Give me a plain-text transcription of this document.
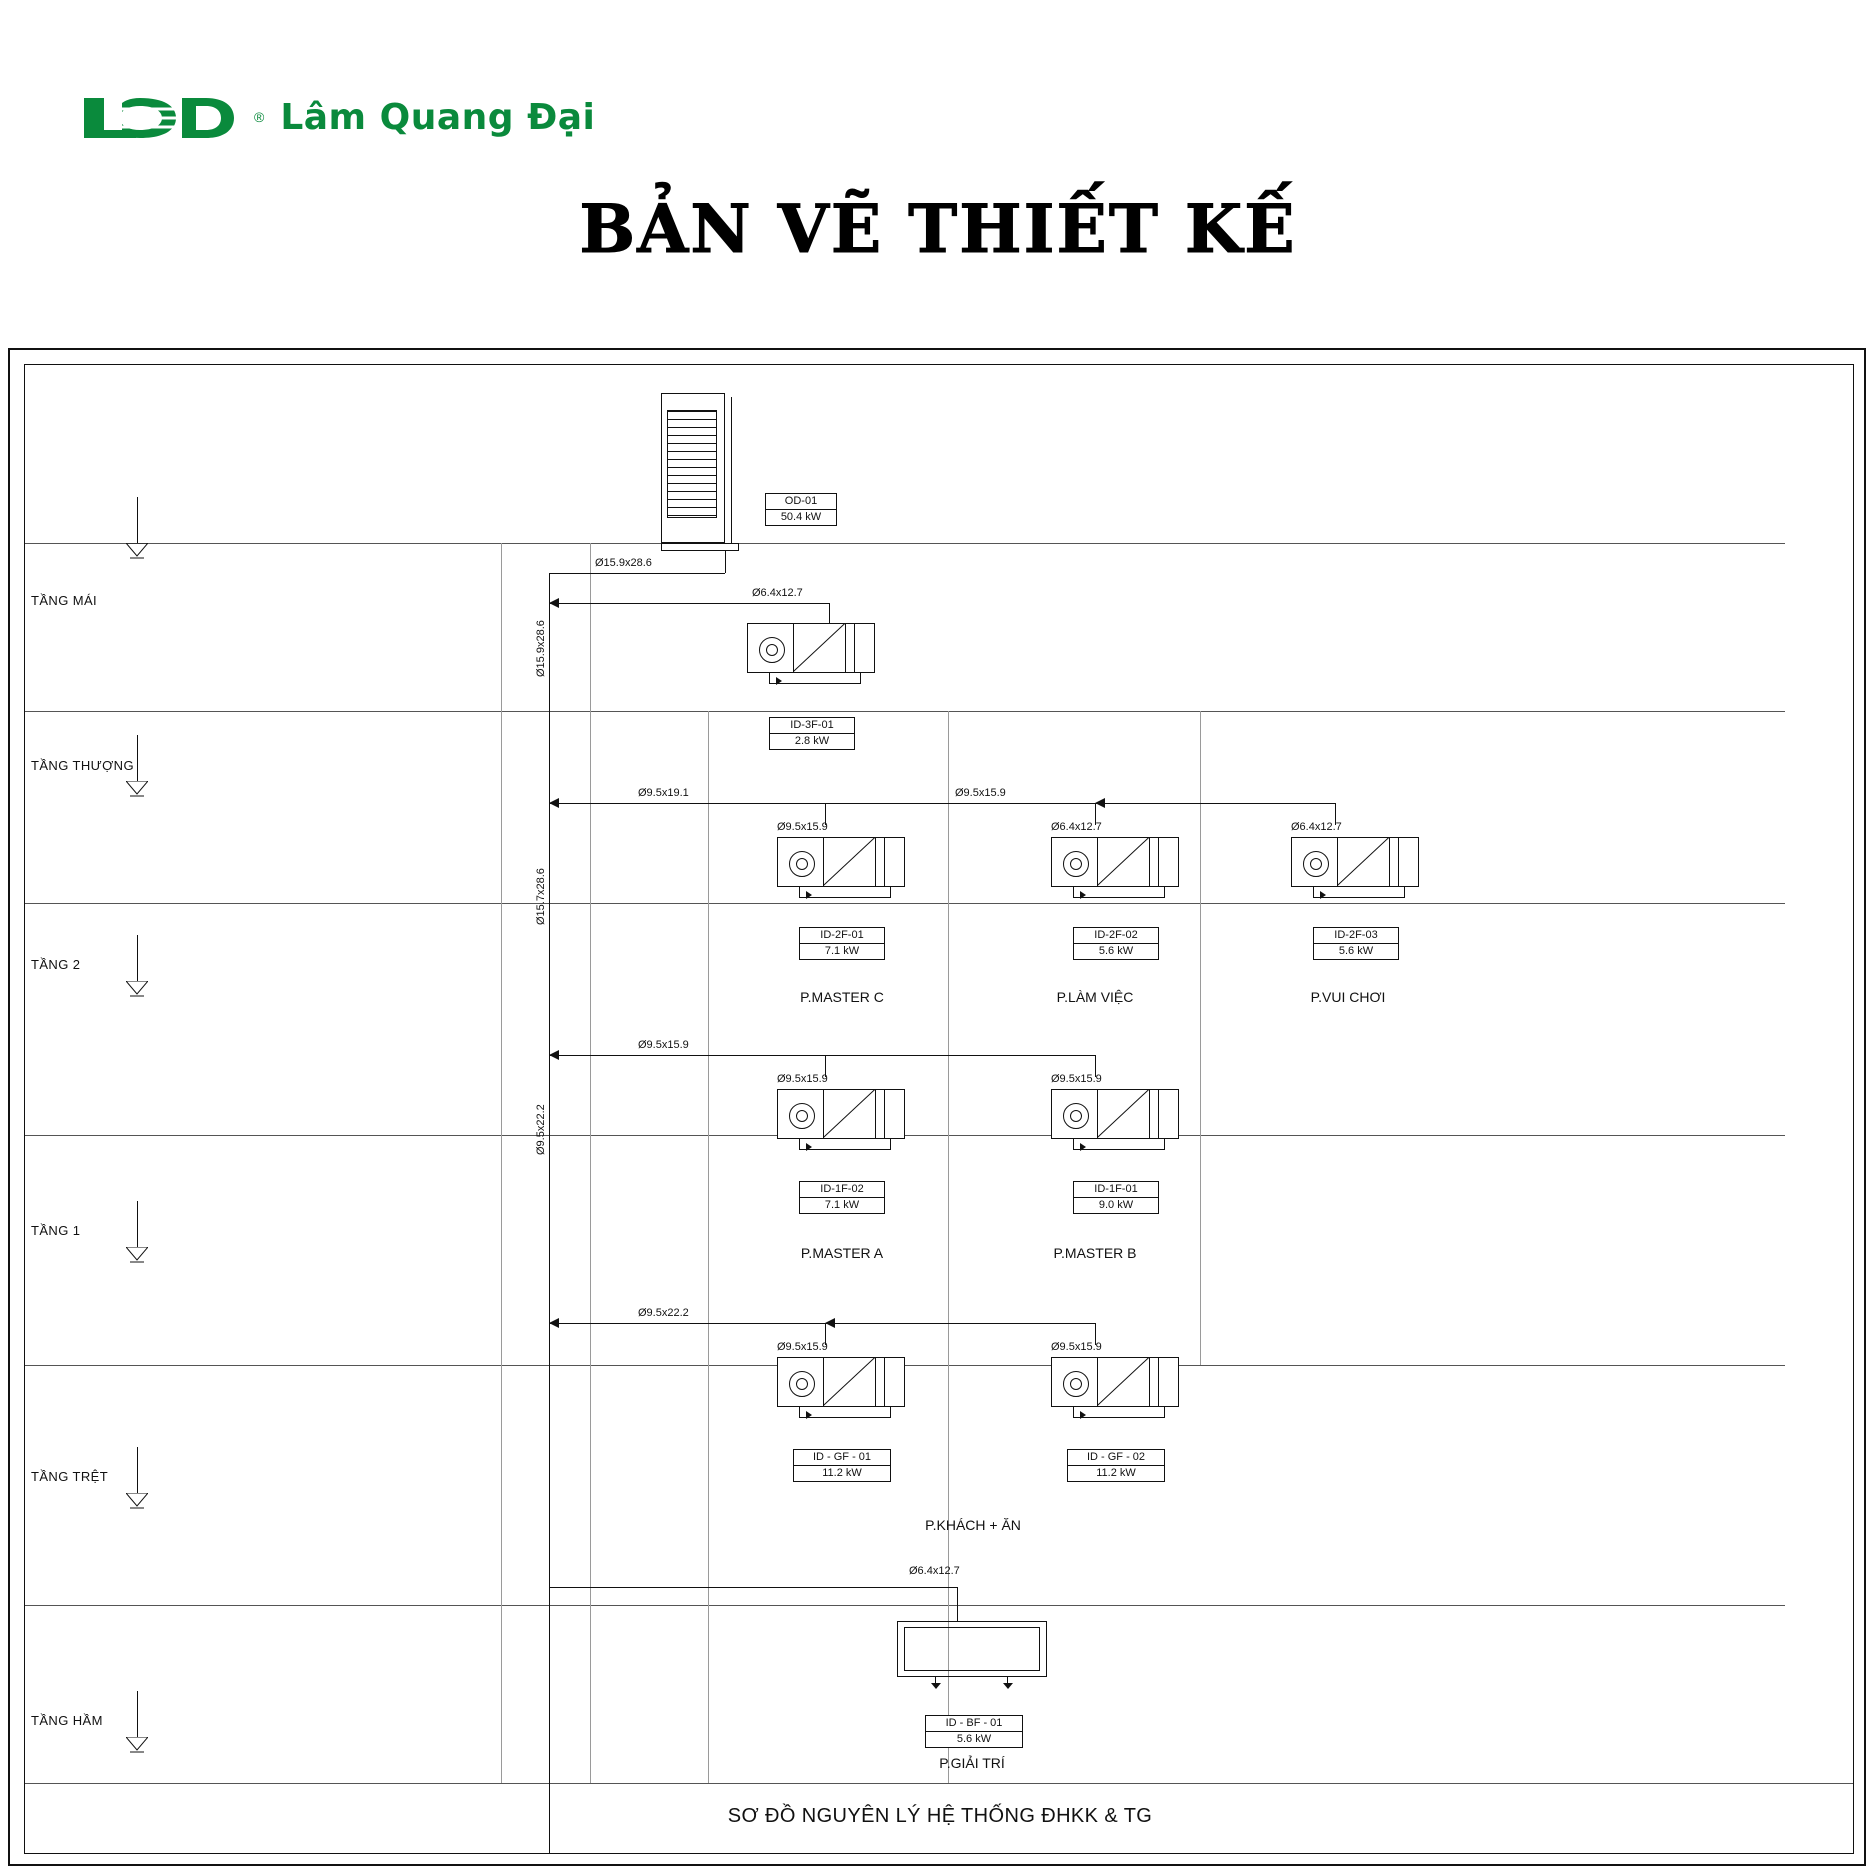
® Lâm Quang Đại
BẢN VẼ THIẾT KẾ
TẦNG MÁI
TẦNG THƯỢNG
TẦNG 2
TẦNG 1
TẦNG TRỆT
TẦNG HẦM
OD-01
50.4 kW
Ø15.9x28.6
Ø15.9x28.6
Ø15.7x28.6
Ø9.5x22.2
Ø6.4x12.7
ID-3F-01
2.8 kW
Ø9.5x19.1	Ø9.5x15.9
Ø9.5x15.9
ID-2F-01
7.1 kW
P.MASTER C
Ø6.4x12.7
ID-2F-02
5.6 kW
P.LÀM VIỆC
Ø6.4x12.7
ID-2F-03
5.6 kW
P.VUI CHƠI
Ø9.5x15.9
Ø9.5x15.9
ID-1F-02
7.1 kW
P.MASTER A
Ø9.5x15.9
ID-1F-01
9.0 kW
P.MASTER B
Ø9.5x22.2
Ø9.5x15.9
ID - GF - 01
11.2 kW
Ø9.5x15.9
ID - GF - 02
11.2 kW
P.KHÁCH + ĂN
Ø6.4x12.7
ID - BF - 01
5.6 kW
P.GIẢI TRÍ
SƠ ĐỒ NGUYÊN LÝ HỆ THỐNG ĐHKK & TG
